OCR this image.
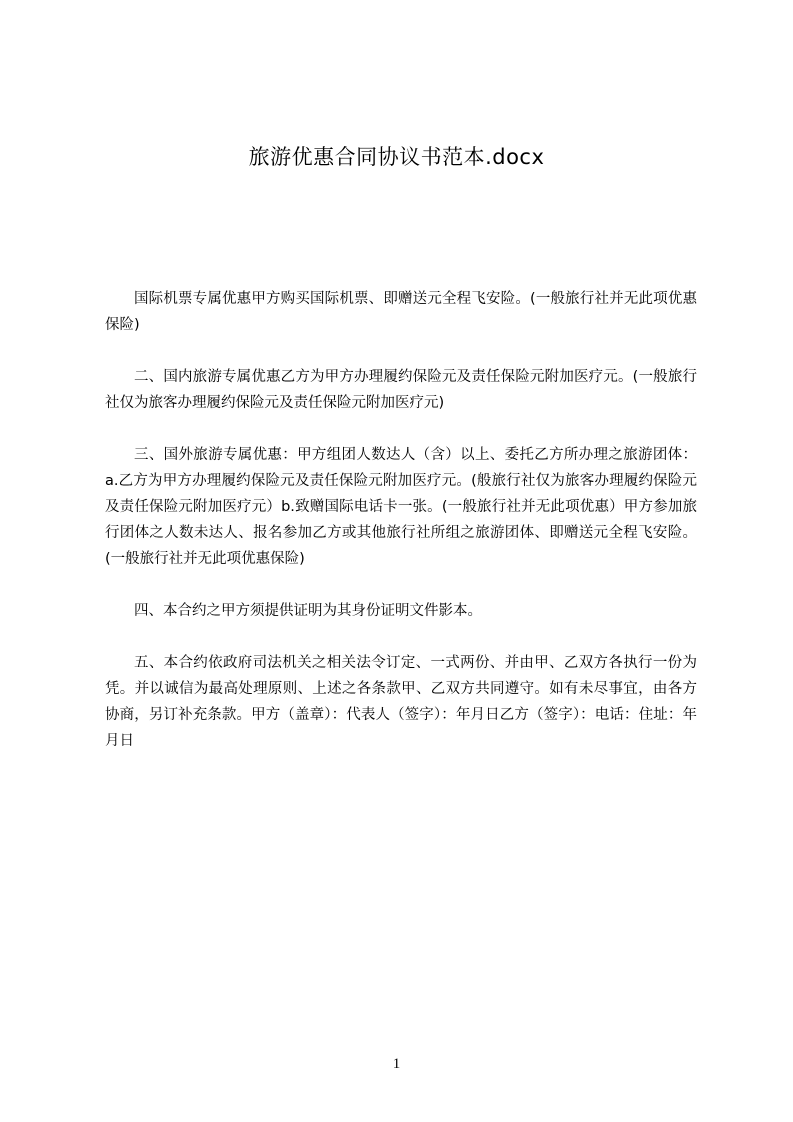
旅游优惠合同协议书范本.docx

国际机票专属优惠甲方购买国际机票、即赠送元全程飞安险。(一般旅行社并无此项优惠保险)

二、国内旅游专属优惠乙方为甲方办理履约保险元及责任保险元附加医疗元。(一般旅行社仅为旅客办理履约保险元及责任保险元附加医疗元)

三、国外旅游专属优惠：甲方组团人数达人（含）以上、委托乙方所办理之旅游团体：a.乙方为甲方办理履约保险元及责任保险元附加医疗元。(般旅行社仅为旅客办理履约保险元及责任保险元附加医疗元）b.致赠国际电话卡一张。(一般旅行社并无此项优惠）甲方参加旅行团体之人数未达人、报名参加乙方或其他旅行社所组之旅游团体、即赠送元全程飞安险。(一般旅行社并无此项优惠保险)

四、本合约之甲方须提供证明为其身份证明文件影本。

五、本合约依政府司法机关之相关法令订定、一式两份、并由甲、乙双方各执行一份为凭。并以诚信为最高处理原则、上述之各条款甲、乙双方共同遵守。如有未尽事宜，由各方协商，另订补充条款。甲方（盖章）：代表人（签字）：年月日乙方（签字）：电话：住址：年月日

1
